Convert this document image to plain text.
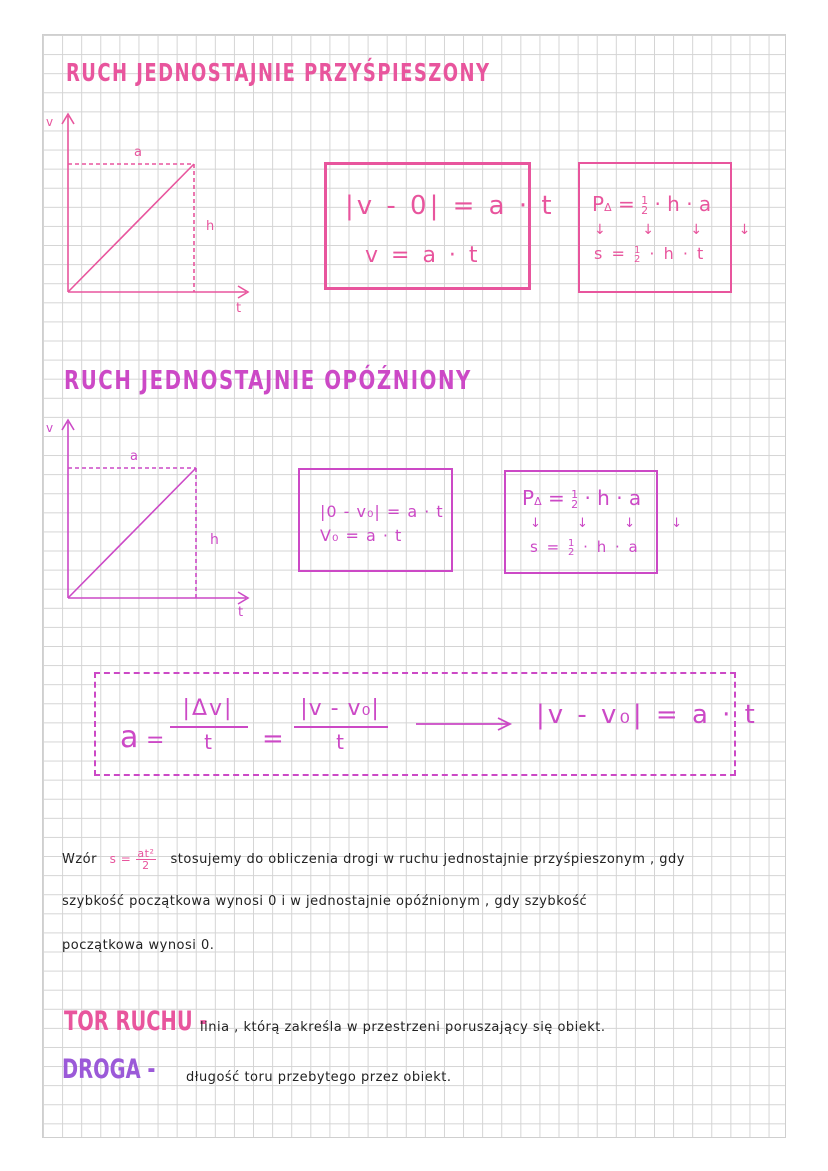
RUCH JEDNOSTAJNIE PRZYŚPIESZONY
v
t
a
h
|v - 0| = a · t
v = a · t
PΔ = 1
2 · h · a
↓ ↓ ↓ ↓
s = 1
2 · h · t
RUCH JEDNOSTAJNIE OPÓŹNIONY
v
t
a
h
|0 - v₀| = a · t
V₀ = a · t
PΔ = 1
2 · h · a
↓ ↓ ↓ ↓
s = 1
2 · h · a
a =
|Δv|
t	=
|v - v₀|
t
|v - v₀| = a · t
Wzór $s = \frac{\text{at²}}{2}$ stosujemy do obliczenia drogi w ruchu jednostajnie przyśpieszonym , gdy
szybkość początkowa wynosi 0 i w jednostajnie opóźnionym , gdy szybkość
początkowa wynosi 0.
TOR RUCHU -
linia , którą zakreśla w przestrzeni poruszający się obiekt.
DROGA - długość toru przebytego przez obiekt.
